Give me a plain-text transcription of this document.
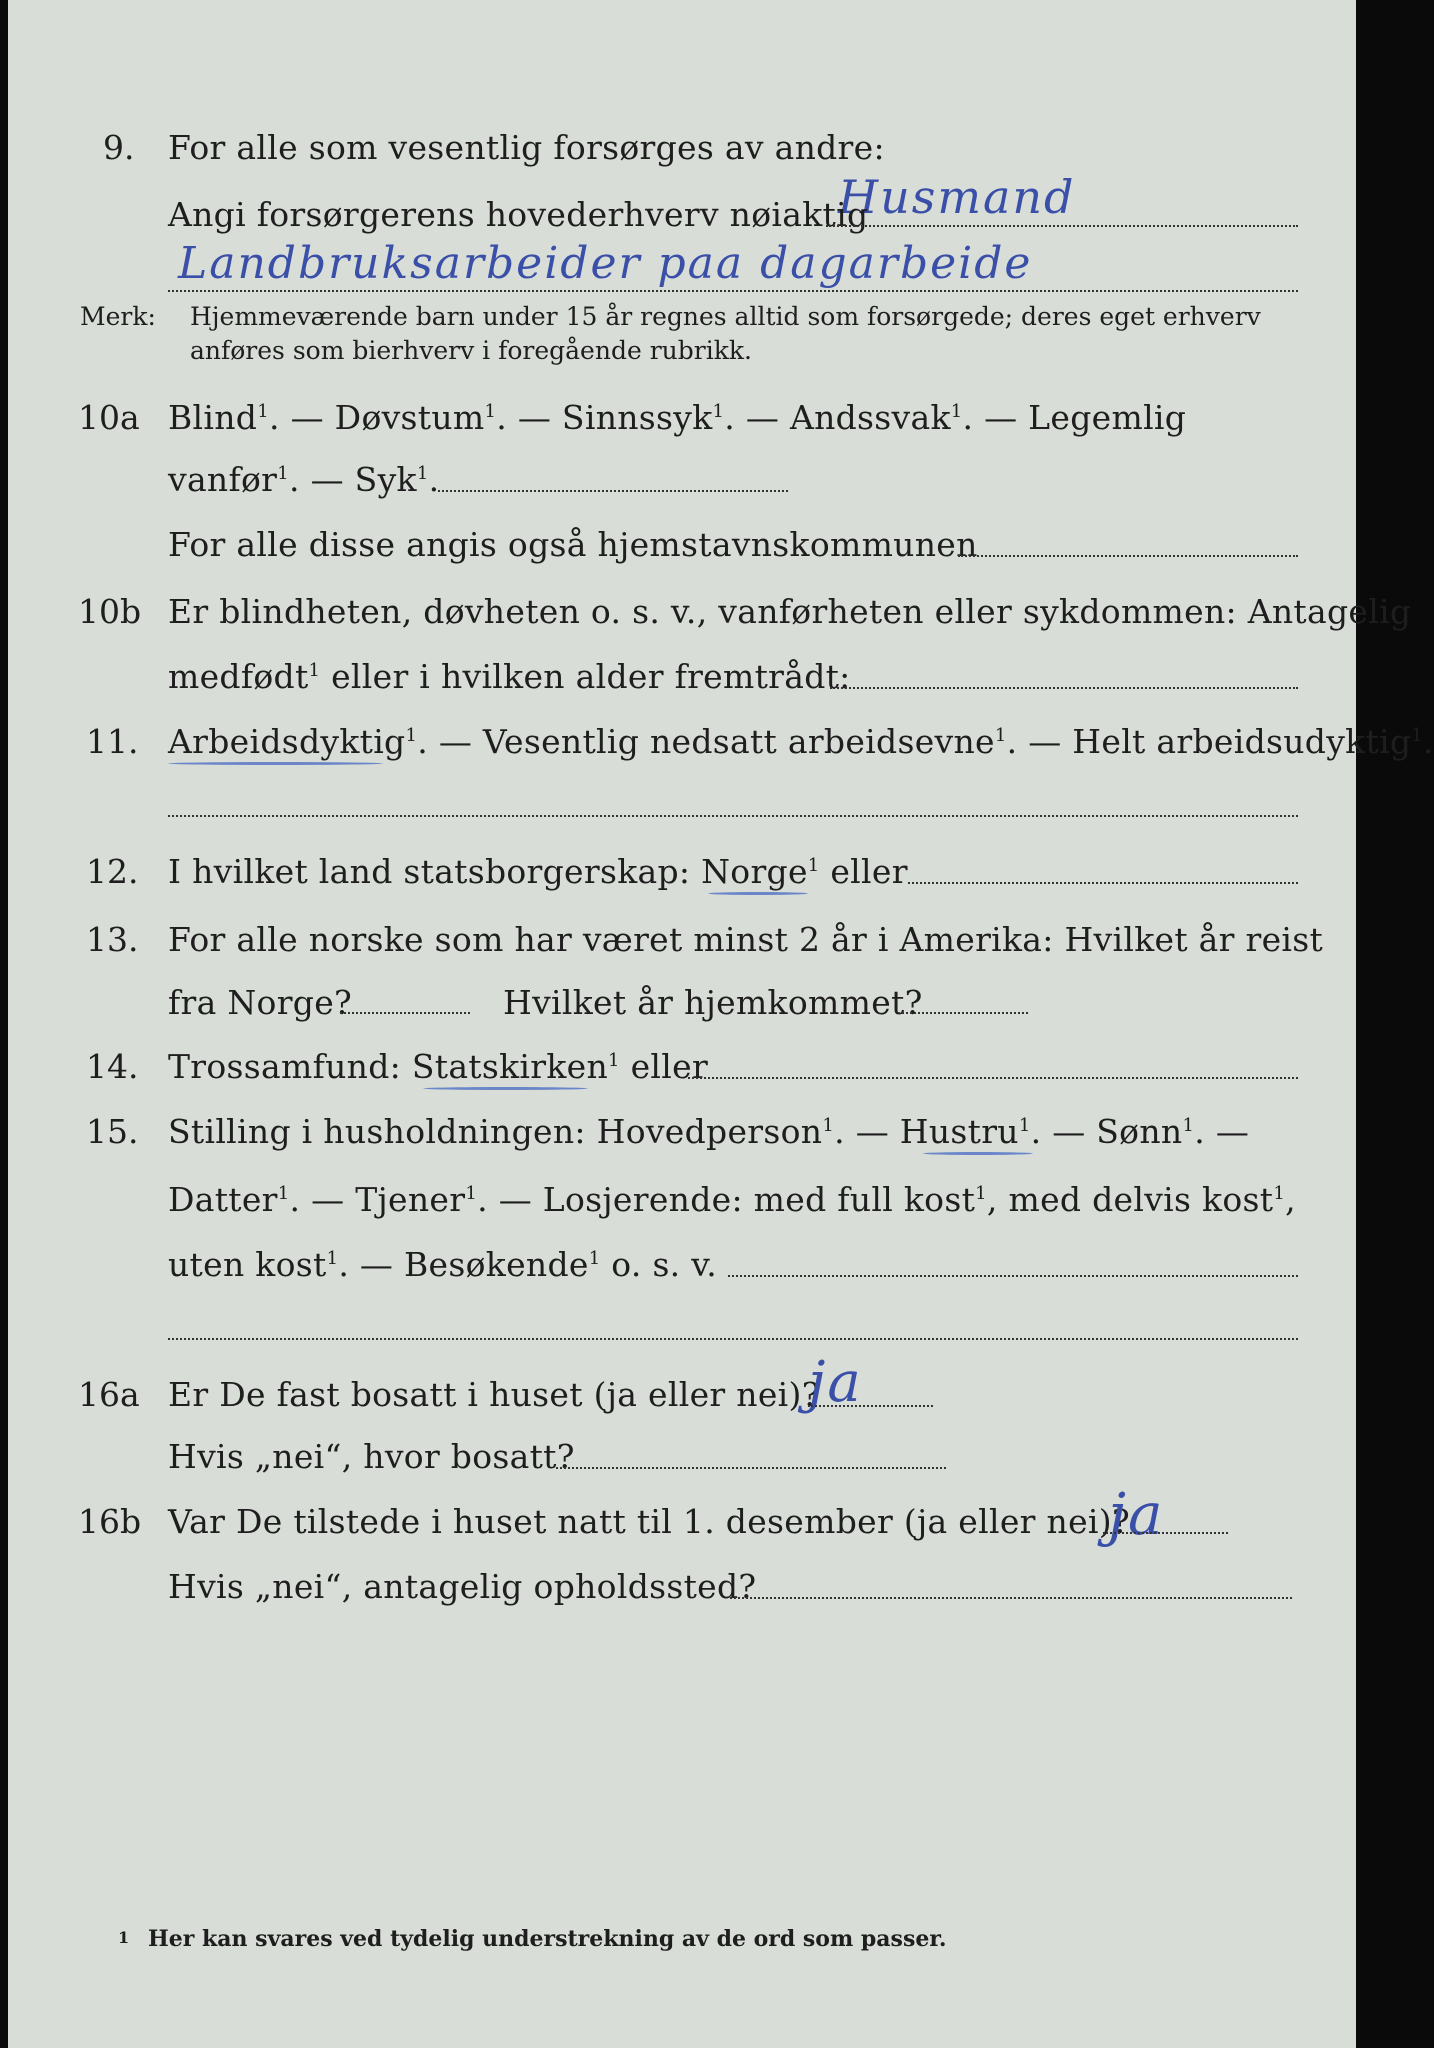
9. For alle som vesentlig forsørges av andre:
Husmand
Angi forsørgerens hovederhverv nøiaktig
Landbruksarbeider paa dagarbeide
Merk: Hjemmeværende barn under 15 år regnes alltid som forsørgede; deres eget erhverv
anføres som bierhverv i foregående rubrikk.
10a Blind$^1$. — Døvstum$^1$. — Sinnssyk$^1$. — Andssvak$^1$. — Legemlig
vanfør$^1$. — Syk$^1$.
For alle disse angis også hjemstavnskommunen
10b Er blindheten, døvheten o. s. v., vanførheten eller sykdommen: Antagelig
medfødt$^1$ eller i hvilken alder fremtrådt:
11. Arbeidsdyktig$^1$. — Vesentlig nedsatt arbeidsevne$^1$. — Helt arbeidsudyktig$^1$.
12. I hvilket land statsborgerskap: Norge$^1$ eller
13. For alle norske som har været minst 2 år i Amerika: Hvilket år reist
fra Norge?	Hvilket år hjemkommet?
14. Trossamfund: Statskirken$^1$ eller
15. Stilling i husholdningen: Hovedperson$^1$. — Hustru$^1$. — Sønn$^1$. —
Datter$^1$. — Tjener$^1$. — Losjerende: med full kost$^1$, med delvis kost$^1$,
uten kost$^1$. — Besøkende$^1$ o. s. v.
16a Er De fast bosatt i huset (ja eller nei)?
ja
Hvis „nei“, hvor bosatt?
16b Var De tilstede i huset natt til 1. desember (ja eller nei)?
ja
Hvis „nei“, antagelig opholdssted?
1 Her kan svares ved tydelig understrekning av de ord som passer.
